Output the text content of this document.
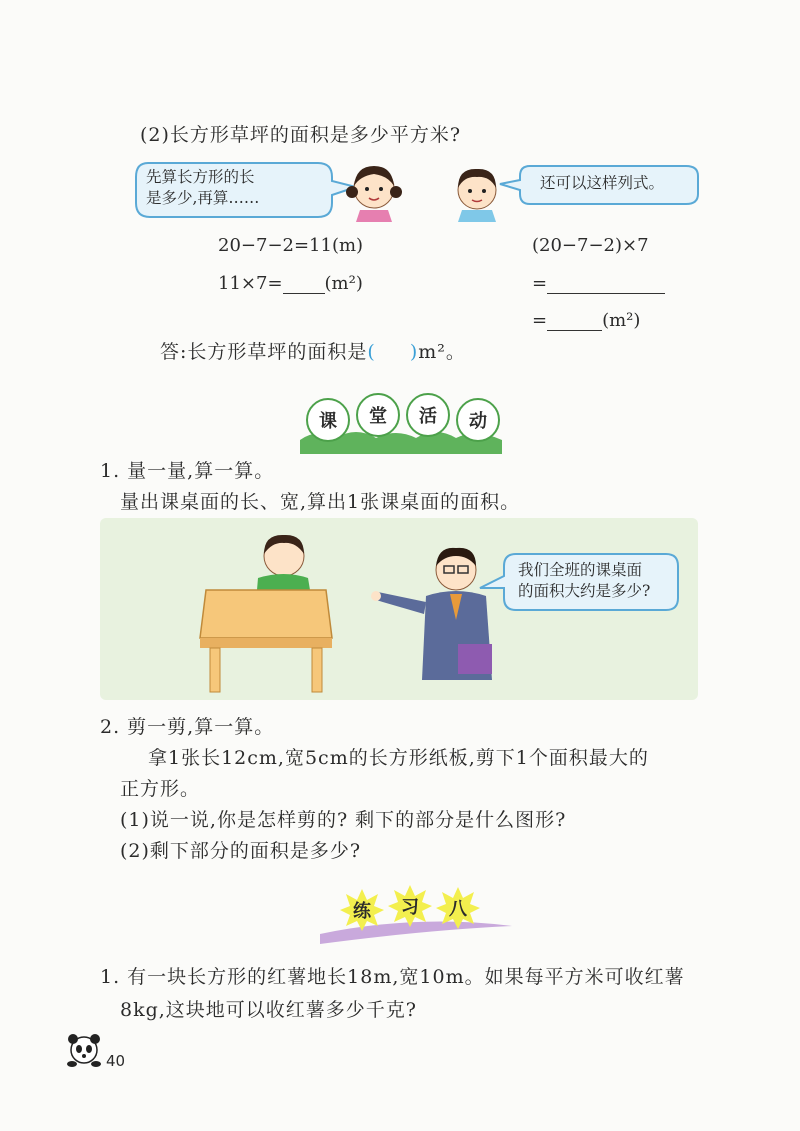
(2)长方形草坪的面积是多少平方米?
先算长方形的长
是多少,再算……
还可以这样列式。
20−7−2=11(m)
11×7= (m²)
(20−7−2)×7
=
=	(m²)
答:长方形草坪的面积是( )m²。
课	堂	活	动
1. 量一量,算一算。
量出课桌面的长、宽,算出1张课桌面的面积。
我们全班的课桌面
的面积大约是多少?
2. 剪一剪,算一算。
拿1张长12cm,宽5cm的长方形纸板,剪下1个面积最大的
正方形。
(1)说一说,你是怎样剪的? 剩下的部分是什么图形?
(2)剩下部分的面积是多少?
练 习 八
1. 有一块长方形的红薯地长18m,宽10m。如果每平方米可收红薯
8kg,这块地可以收红薯多少千克?
40
